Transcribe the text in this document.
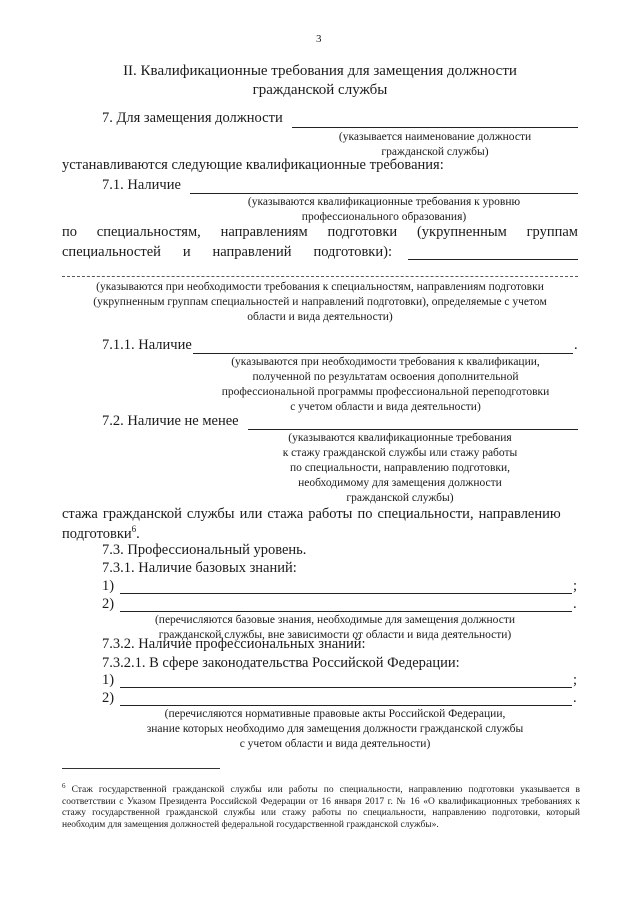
3
II. Квалификационные требования для замещения должности
гражданской службы
7. Для замещения должности
(указывается наименование должности
гражданской службы)
устанавливаются следующие квалификационные требования:
7.1. Наличие
(указываются квалификационные требования к уровню
профессионального образования)
по специальностям, направлениям подготовки (укрупненным группам
специальностей и направлений подготовки):
(указываются при необходимости требования к специальностям, направлениям подготовки
(укрупненным группам специальностей и направлений подготовки), определяемые с учетом
области и вида деятельности)
7.1.1. Наличие	.
(указываются при необходимости требования к квалификации,
полученной по результатам освоения дополнительной
профессиональной программы профессиональной переподготовки
с учетом области и вида деятельности)
7.2. Наличие не менее
(указываются квалификационные требования
к стажу гражданской службы или стажу работы
по специальности, направлению подготовки,
необходимому для замещения должности
гражданской службы)
стажа гражданской службы или стажа работы по специальности, направлению
подготовки$^6$.
7.3. Профессиональный уровень.
7.3.1. Наличие базовых знаний:
1)	;
2)	.
(перечисляются базовые знания, необходимые для замещения должности
гражданской службы, вне зависимости от области и вида деятельности)
7.3.2. Наличие профессиональных знаний:
7.3.2.1. В сфере законодательства Российской Федерации:
1)	;
2)	.
(перечисляются нормативные правовые акты Российской Федерации,
знание которых необходимо для замещения должности гражданской службы
с учетом области и вида деятельности)
$^6$ Стаж государственной гражданской службы или работы по специальности, направлению подготовки указывается в соответствии с Указом Президента Российской Федерации от 16 января 2017 г. № 16 «О квалификационных требованиях к стажу государственной гражданской службы или стажу работы по специальности, направлению подготовки, который необходим для замещения должностей федеральной государственной гражданской службы».
